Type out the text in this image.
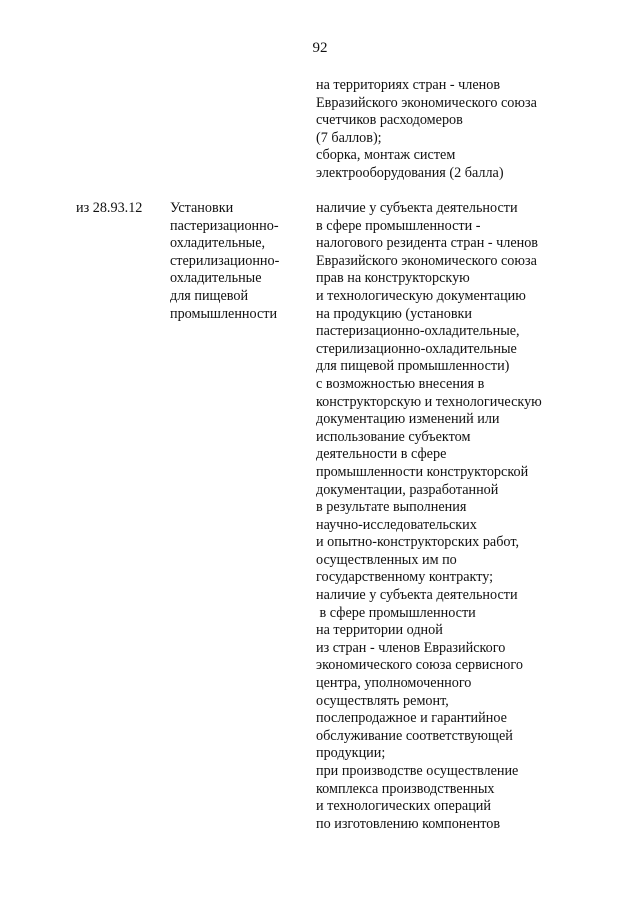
92
на территориях стран - членов
Евразийского экономического союза
счетчиков расходомеров
(7 баллов);
сборка, монтаж систем
электрооборудования (2 балла)
из 28.93.12 Установки
пастеризационно-
охладительные,
стерилизационно-
охладительные
для пищевой
промышленности
наличие у субъекта деятельности
в сфере промышленности -
налогового резидента стран - членов
Евразийского экономического союза
прав на конструкторскую
и технологическую документацию
на продукцию (установки
пастеризационно-охладительные,
стерилизационно-охладительные
для пищевой промышленности)
с возможностью внесения в
конструкторскую и технологическую
документацию изменений или
использование субъектом
деятельности в сфере
промышленности конструкторской
документации, разработанной
в результате выполнения
научно-исследовательских
и опытно-конструкторских работ,
осуществленных им по
государственному контракту;
наличие у субъекта деятельности
в сфере промышленности
на территории одной
из стран - членов Евразийского
экономического союза сервисного
центра, уполномоченного
осуществлять ремонт,
послепродажное и гарантийное
обслуживание соответствующей
продукции;
при производстве осуществление
комплекса производственных
и технологических операций
по изготовлению компонентов
